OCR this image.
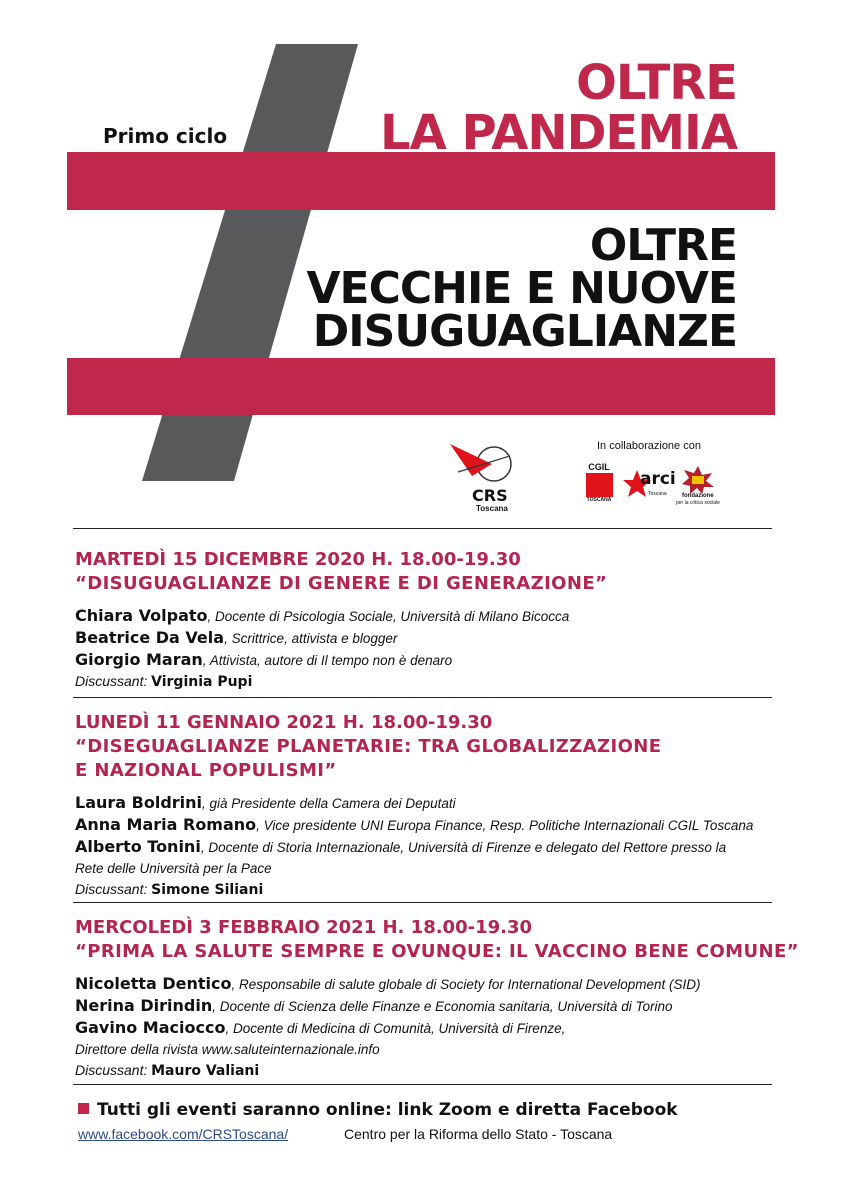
Primo ciclo
OLTRE
LA PANDEMIA
OLTRE
VECCHIE E NUOVE
DISUGUAGLIANZE
CRS
Toscana
In collaborazione con
CGIL
TOSCANA
arci
Toscana	fondazione
per la critica sociale
MARTEDÌ 15 DICEMBRE 2020 H. 18.00-19.30
“DISUGUAGLIANZE DI GENERE E DI GENERAZIONE”
Chiara Volpato, Docente di Psicologia Sociale, Università di Milano Bicocca
Beatrice Da Vela, Scrittrice, attivista e blogger
Giorgio Maran, Attivista, autore di Il tempo non è denaro
Discussant: Virginia Pupi
LUNEDÌ 11 GENNAIO 2021 H. 18.00-19.30
“DISEGUAGLIANZE PLANETARIE: TRA GLOBALIZZAZIONE
E NAZIONAL POPULISMI”
Laura Boldrini, già Presidente della Camera dei Deputati
Anna Maria Romano, Vice presidente UNI Europa Finance, Resp. Politiche Internazionali CGIL Toscana
Alberto Tonini, Docente di Storia Internazionale, Università di Firenze e delegato del Rettore presso la
Rete delle Università per la Pace
Discussant: Simone Siliani
MERCOLEDÌ 3 FEBBRAIO 2021 H. 18.00-19.30
“PRIMA LA SALUTE SEMPRE E OVUNQUE: IL VACCINO BENE COMUNE”
Nicoletta Dentico, Responsabile di salute globale di Society for International Development (SID)
Nerina Dirindin, Docente di Scienza delle Finanze e Economia sanitaria, Università di Torino
Gavino Maciocco, Docente di Medicina di Comunità, Università di Firenze,
Direttore della rivista www.saluteinternazionale.info
Discussant: Mauro Valiani
Tutti gli eventi saranno online: link Zoom e diretta Facebook
www.facebook.com/CRSToscana/	Centro per la Riforma dello Stato - Toscana
